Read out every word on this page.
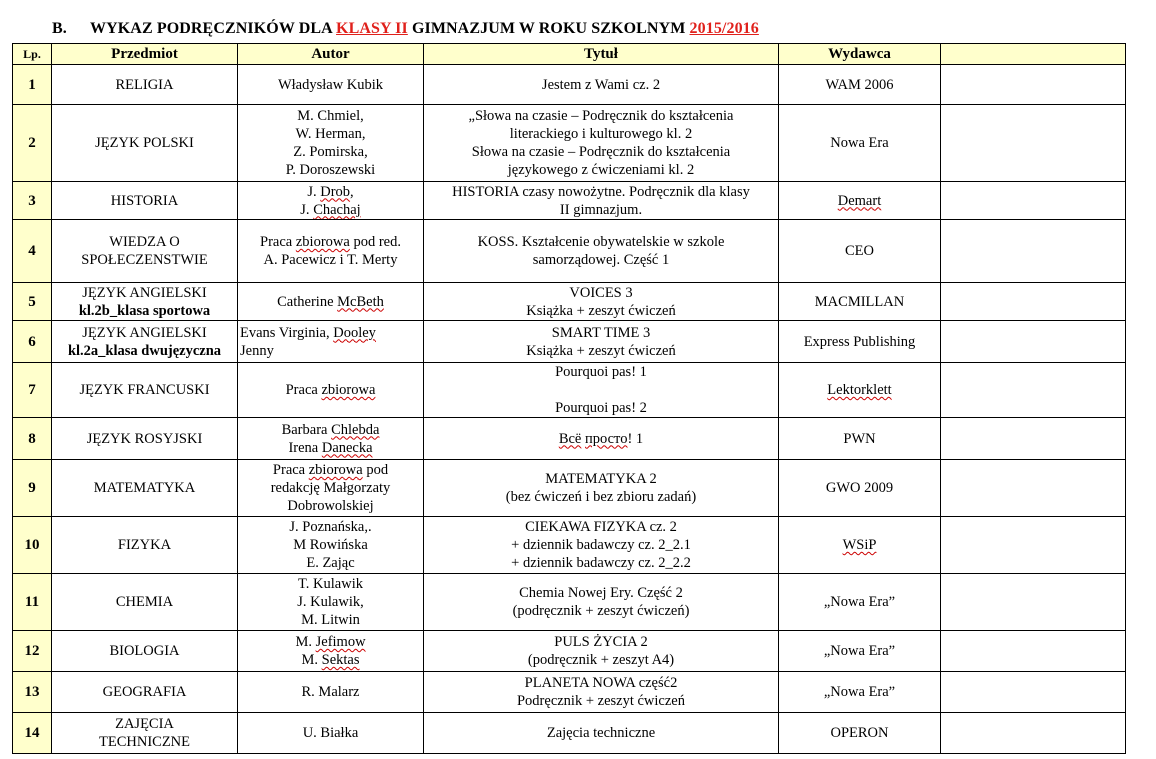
B. WYKAZ PODRĘCZNIKÓW DLA KLASY II GIMNAZJUM W ROKU SZKOLNYM 2015/2016
Lp.	Przedmiot	Autor	Tytuł	Wydawca	
1	RELIGIA	Władysław Kubik	Jestem z Wami cz. 2	WAM 2006	

2	JĘZYK POLSKI	M. Chmiel,
W. Herman,
Z. Pomirska,
P. Doroszewski	„Słowa na czasie – Podręcznik do kształcenia
literackiego i kulturowego kl. 2
Słowa na czasie – Podręcznik do kształcenia
językowego z ćwiczeniami kl. 2	Nowa Era	

3	HISTORIA	J. Drob,
J. Chachaj	HISTORIA czasy nowożytne. Podręcznik dla klasy
II gimnazjum.	Demart	

4	WIEDZA O
SPOŁECZENSTWIE	Praca zbiorowa pod red.
A. Pacewicz i T. Merty	KOSS. Kształcenie obywatelskie w szkole
samorządowej. Część 1	CEO	

5	JĘZYK ANGIELSKI
kl.2b_klasa sportowa	Catherine McBeth	VOICES 3
Książka + zeszyt ćwiczeń	MACMILLAN	

6	JĘZYK ANGIELSKI
kl.2a_klasa dwujęzyczna	Evans Virginia, Dooley
Jenny	SMART TIME 3
Książka + zeszyt ćwiczeń	Express Publishing	

7	JĘZYK FRANCUSKI	Praca zbiorowa	Pourquoi pas! 1

Pourquoi pas! 2	Lektorklett	

8	JĘZYK ROSYJSKI	Barbara Chlebda
Irena Danecka	Всё просто! 1	PWN	

9	MATEMATYKA	Praca zbiorowa pod
redakcję Małgorzaty
Dobrowolskiej	MATEMATYKA 2
(bez ćwiczeń i bez zbioru zadań)	GWO 2009	

10	FIZYKA	J. Poznańska,.
M Rowińska
E. Zając	CIEKAWA FIZYKA cz. 2
+ dziennik badawczy cz. 2_2.1
+ dziennik badawczy cz. 2_2.2	WSiP	

11	CHEMIA	T. Kulawik
J. Kulawik,
M. Litwin	Chemia Nowej Ery. Część 2
(podręcznik + zeszyt ćwiczeń)	„Nowa Era”	

12	BIOLOGIA	M. Jefimow
M. Sektas	PULS ŻYCIA 2
(podręcznik + zeszyt A4)	„Nowa Era”	

13	GEOGRAFIA	R. Malarz	PLANETA NOWA część2
Podręcznik + zeszyt ćwiczeń	„Nowa Era”	

14	ZAJĘCIA
TECHNICZNE	U. Białka	Zajęcia techniczne	OPERON	
